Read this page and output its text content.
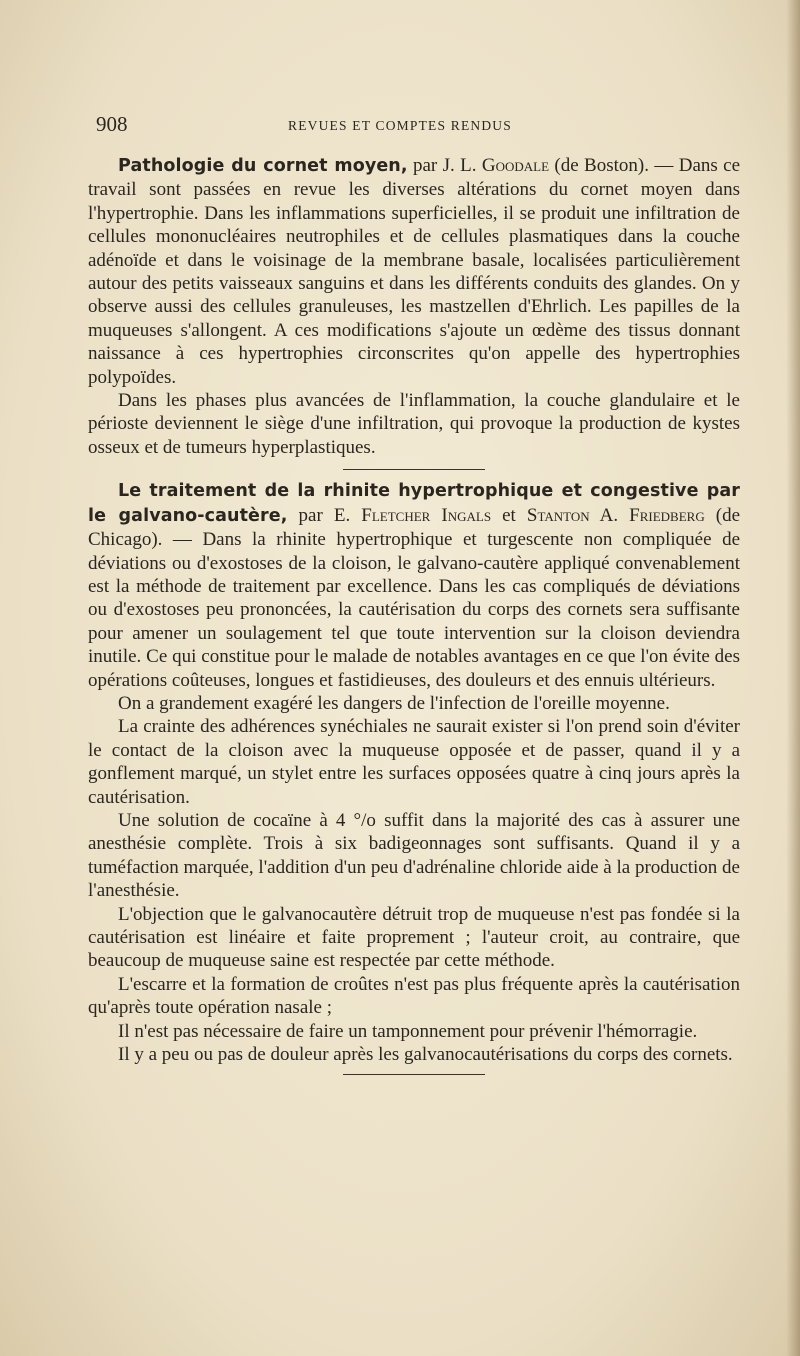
908	REVUES ET COMPTES RENDUS

Pathologie du cornet moyen, par J. L. Goodale (de Boston). — Dans ce travail sont passées en revue les diverses altérations du cornet moyen dans l'hypertrophie. Dans les inflammations superficielles, il se produit une infiltration de cellules mononucléaires neutrophiles et de cellules plasmatiques dans la couche adénoïde et dans le voisinage de la membrane basale, localisées particulièrement autour des petits vaisseaux sanguins et dans les différents conduits des glandes. On y observe aussi des cellules granuleuses, les mastzellen d'Ehrlich. Les papilles de la muqueuses s'allongent. A ces modifications s'ajoute un œdème des tissus donnant naissance à ces hypertrophies circonscrites qu'on appelle des hypertrophies polypoïdes.

Dans les phases plus avancées de l'inflammation, la couche glandulaire et le périoste deviennent le siège d'une infiltration, qui provoque la production de kystes osseux et de tumeurs hyperplastiques.

Le traitement de la rhinite hypertrophique et congestive par le galvano-cautère, par E. Fletcher Ingals et Stanton A. Friedberg (de Chicago). — Dans la rhinite hypertrophique et turgescente non compliquée de déviations ou d'exostoses de la cloison, le galvano-cautère appliqué convenablement est la méthode de traitement par excellence. Dans les cas compliqués de déviations ou d'exostoses peu prononcées, la cautérisation du corps des cornets sera suffisante pour amener un soulagement tel que toute intervention sur la cloison deviendra inutile. Ce qui constitue pour le malade de notables avantages en ce que l'on évite des opérations coûteuses, longues et fastidieuses, des douleurs et des ennuis ultérieurs.

On a grandement exagéré les dangers de l'infection de l'oreille moyenne.

La crainte des adhérences synéchiales ne saurait exister si l'on prend soin d'éviter le contact de la cloison avec la muqueuse opposée et de passer, quand il y a gonflement marqué, un stylet entre les surfaces opposées quatre à cinq jours après la cautérisation.

Une solution de cocaïne à 4 °/o suffit dans la majorité des cas à assurer une anesthésie complète. Trois à six badigeonnages sont suffisants. Quand il y a tuméfaction marquée, l'addition d'un peu d'adrénaline chloride aide à la production de l'anesthésie.

L'objection que le galvanocautère détruit trop de muqueuse n'est pas fondée si la cautérisation est linéaire et faite proprement ; l'auteur croit, au contraire, que beaucoup de muqueuse saine est respectée par cette méthode.

L'escarre et la formation de croûtes n'est pas plus fréquente après la cautérisation qu'après toute opération nasale ;

Il n'est pas nécessaire de faire un tamponnement pour prévenir l'hémorragie.

Il y a peu ou pas de douleur après les galvanocautérisations du corps des cornets.
